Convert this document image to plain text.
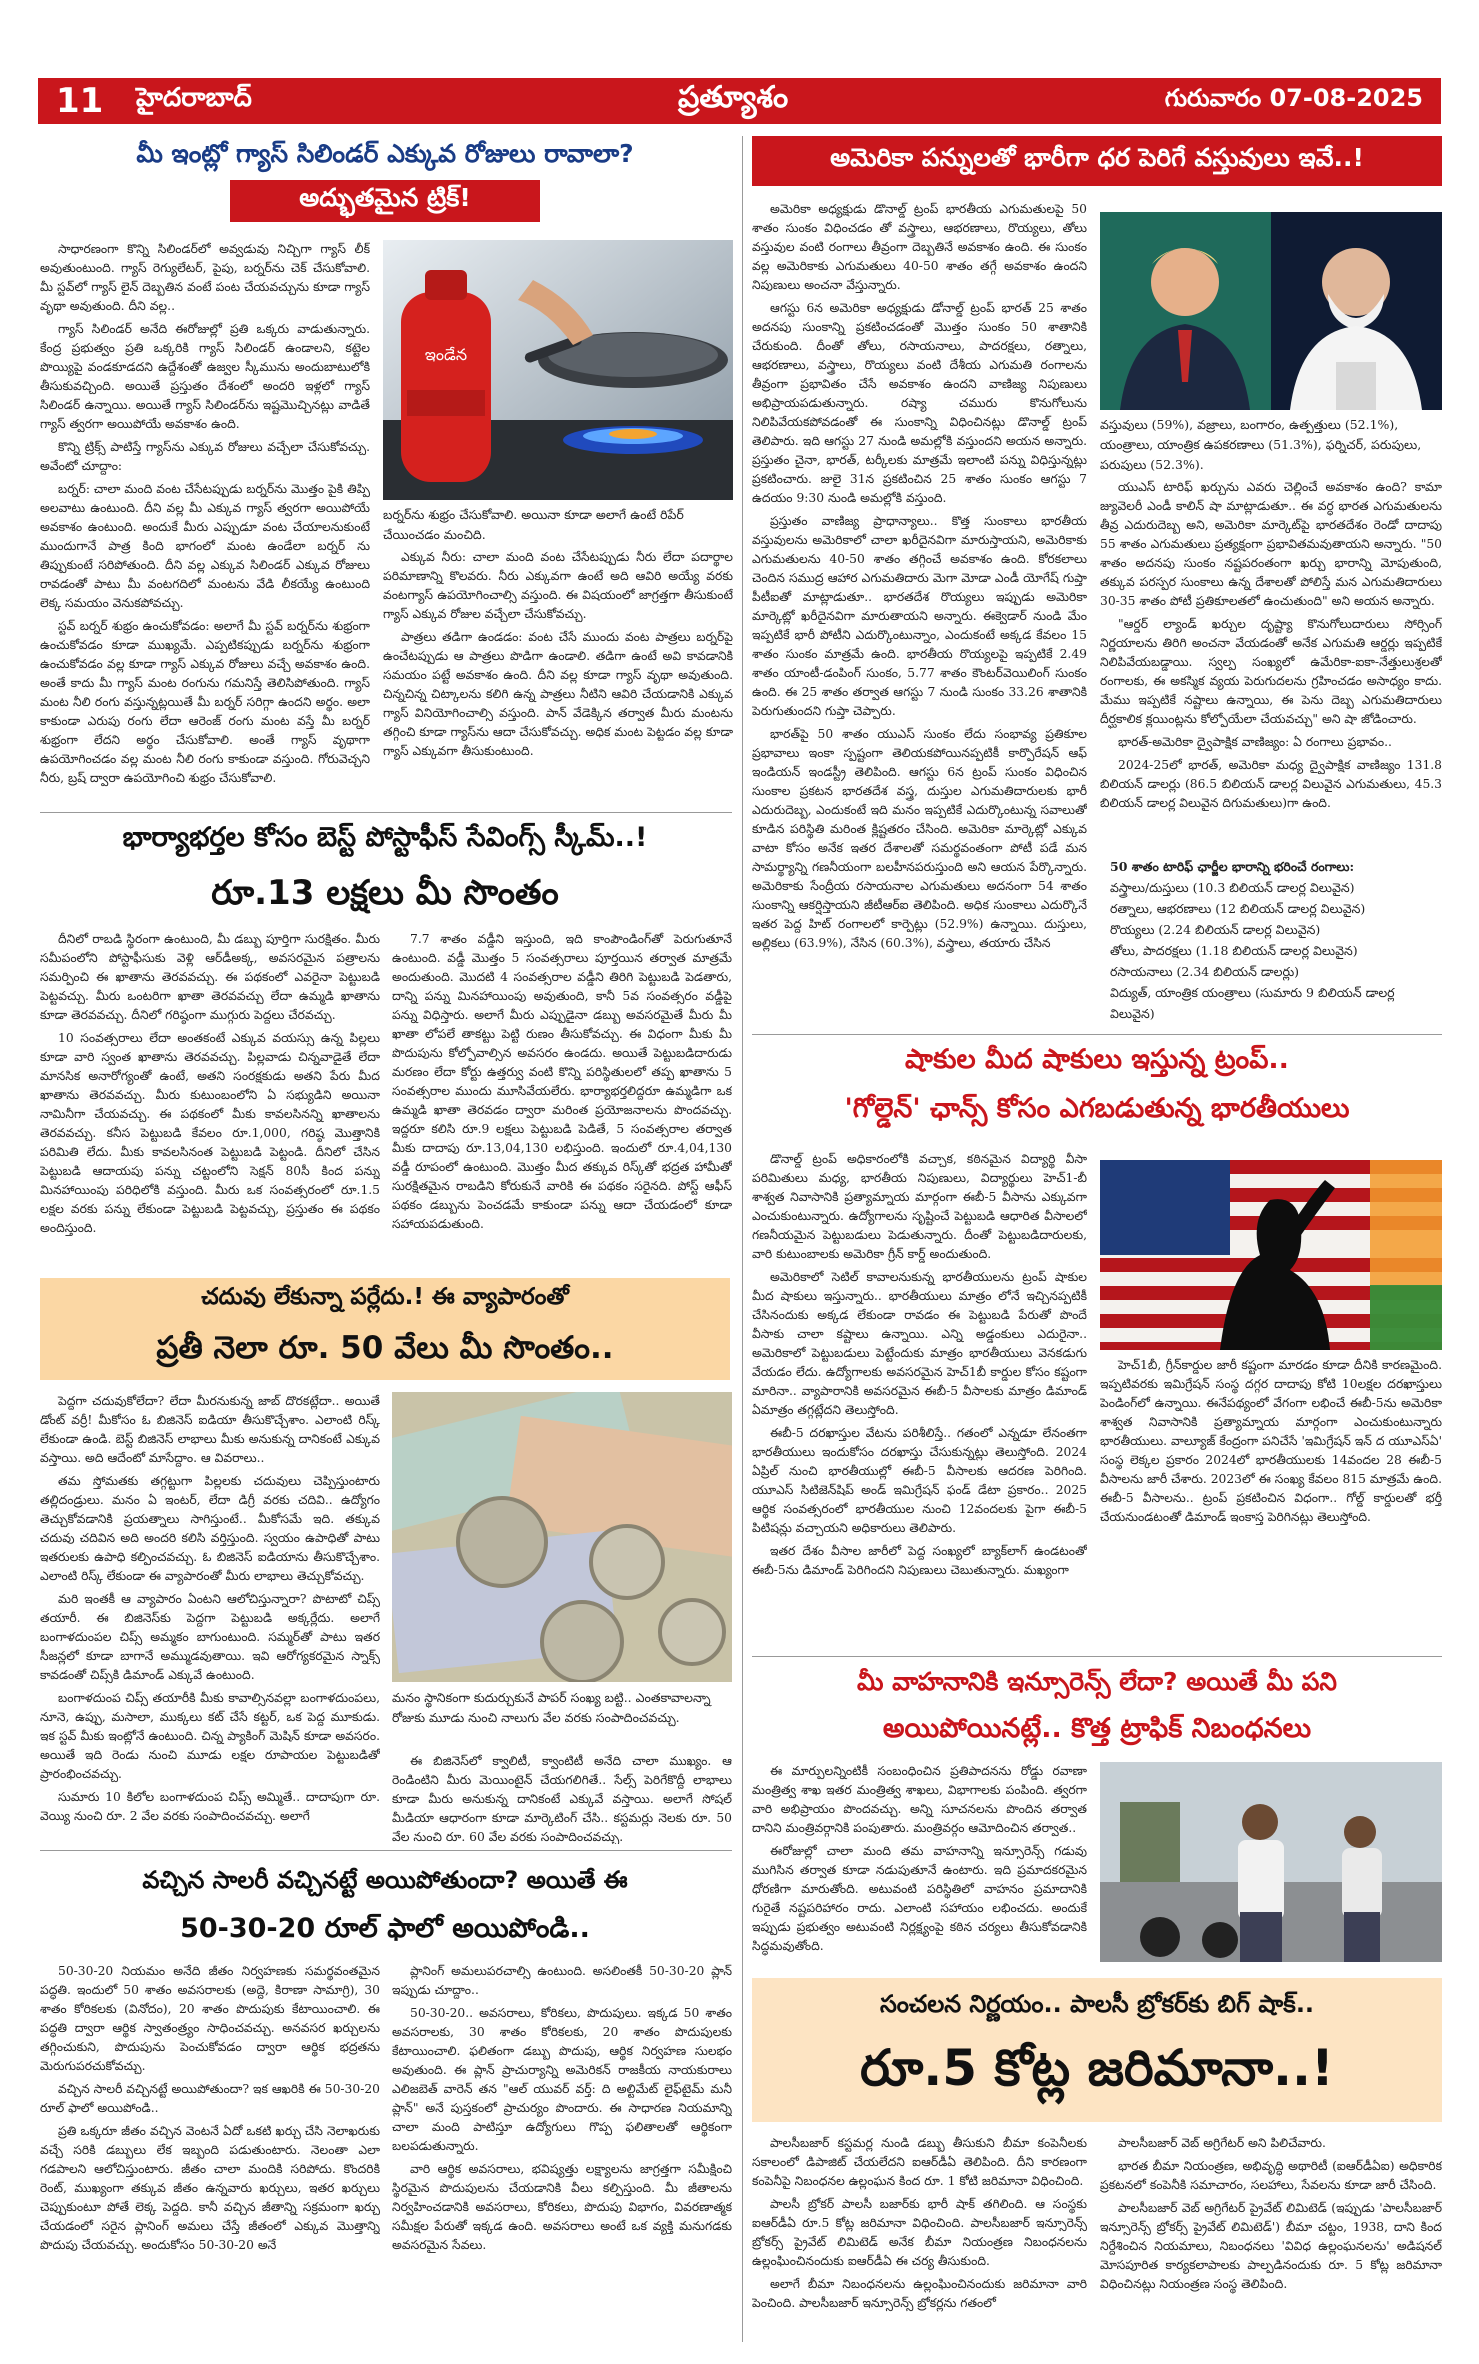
11	హైదరాబాద్	ప్రత్యూశం	గురువారం 07-08-2025
మీ ఇంట్లో గ్యాస్ సిలిండర్ ఎక్కువ రోజులు రావాలా?
అద్భుతమైన ట్రిక్!

సాధారణంగా కొన్ని సిలిండర్‌లో అవ్వడువు నిచ్చిగా గ్యాస్ లీక్ అవుతుంటుంది. గ్యాస్ రెగ్యులేటర్, పైపు, బర్నర్‌ను చెక్ చేసుకోవాలి. మీ స్టవ్‌లో గ్యాస్ లైన్ దెబ్బతిన వంటే పంట చేయవచ్చును కూడా గ్యాస్ వృథా అవుతుంది. దీని వల్ల..

గ్యాస్ సిలిండర్ అనేది ఈరోజుల్లో ప్రతి ఒక్కరు వాడుతున్నారు. కేంద్ర ప్రభుత్వం ప్రతి ఒక్కరికి గ్యాస్ సిలిండర్ ఉండాలని, కట్టెల పొయ్యిపై వండకూడదని ఉద్దేశంతో ఉజ్వల స్కీమును అందుబాటులోకి తీసుకువచ్చింది. అయితే ప్రస్తుతం దేశంలో అందరి ఇళ్లలో గ్యాస్ సిలిండర్ ఉన్నాయి. అయితే గ్యాస్ సిలిండర్‌ను ఇష్టమొచ్చినట్లు వాడితే గ్యాస్ త్వరగా అయిపోయే అవకాశం ఉంది.

కొన్ని ట్రిక్స్ పాటిస్తే గ్యాస్‌ను ఎక్కువ రోజులు వచ్చేలా చేసుకోవచ్చు. అవేంటో చూద్దాం:

బర్నర్: చాలా మంది వంట చేసేటప్పుడు బర్నర్‌ను మొత్తం పైకి తిప్పి అలవాటు ఉంటుంది. దీని వల్ల మీ ఎక్కువ గ్యాస్ త్వరగా అయిపోయే అవకాశం ఉంటుంది. అందుకే మీరు ఎప్పుడూ వంట చేయాలనుకుంటే ముందుగానే పాత్ర కింది భాగంలో మంట ఉండేలా బర్నర్ ను తిప్పుకుంటే సరిపోతుంది. దీని వల్ల ఎక్కువ సిలిండర్ ఎక్కువ రోజులు రావడంతో పాటు మీ వంటగదిలో మంటను వేడి లీకయ్యే ఉంటుంది లెక్క సమయం వెనుకపోవచ్చు.

స్టవ్ బర్నర్ శుభ్రం ఉంచుకోవడం: అలాగే మీ స్టవ్ బర్నర్‌ను శుభ్రంగా ఉంచుకోవడం కూడా ముఖ్యమే. ఎప్పటికప్పుడు బర్నర్‌ను శుభ్రంగా ఉంచుకోవడం వల్ల కూడా గ్యాస్ ఎక్కువ రోజులు వచ్చే అవకాశం ఉంది. అంతే కాదు మీ గ్యాస్ మంట రంగును గమనిస్తే తెలిసిపోతుంది. గ్యాస్ మంట నీలి రంగు వస్తున్నట్లయితే మీ బర్నర్ సరిగ్గా ఉందని అర్థం. అలా కాకుండా ఎరుపు రంగు లేదా ఆరెంజ్ రంగు మంట వస్తే మీ బర్నర్ శుభ్రంగా లేదని అర్థం చేసుకోవాలి. అంతే గ్యాస్ వృథాగా ఉపయోగించడం వల్ల మంట నీలి రంగు కాకుండా వస్తుంది. గోరువెచ్చని నీరు, బ్రష్ ద్వారా ఉపయోగించి శుభ్రం చేసుకోవాలి.

ఇండేన
బర్నర్‌ను శుభ్రం చేసుకోవాలి. అయినా కూడా అలాగే ఉంటే రిపేర్ చేయించడం మంచిది.

ఎక్కువ నీరు: చాలా మంది వంట చేసేటప్పుడు నీరు లేదా పదార్థాల పరిమాణాన్ని కొలవరు. నీరు ఎక్కువగా ఉంటే అది ఆవిరి అయ్యే వరకు వంటగ్యాస్ ఉపయోగించాల్సి వస్తుంది. ఈ విషయంలో జాగ్రత్తగా తీసుకుంటే గ్యాస్ ఎక్కువ రోజుల వచ్చేలా చేసుకోవచ్చు.

పాత్రలు తడిగా ఉండడం: వంట చేసే ముందు వంట పాత్రలు బర్నర్‌పై ఉంచేటప్పుడు ఆ పాత్రలు పొడిగా ఉండాలి. తడిగా ఉంటే అవి కావడానికి సమయం పట్టే అవకాశం ఉంది. దీని వల్ల కూడా గ్యాస్ వృథా అవుతుంది. చిన్నచిన్న చిట్కాలను కలిగి ఉన్న పాత్రలు నీటిని ఆవిరి చేయడానికి ఎక్కువ గ్యాస్ వినియోగించాల్సి వస్తుంది. పాన్ వేడెక్కిన తర్వాత మీరు మంటను తగ్గించి కూడా గ్యాస్‌ను ఆదా చేసుకోవచ్చు. అధిక మంట పెట్టడం వల్ల కూడా గ్యాస్ ఎక్కువగా తీసుకుంటుంది.

అమెరికా పన్నులతో భారీగా ధర పెరిగే వస్తువులు ఇవే..!

అమెరికా అధ్యక్షుడు డొనాల్డ్ ట్రంప్ భారతీయ ఎగుమతులపై 50 శాతం సుంకం విధించడం తో వస్త్రాలు, ఆభరణాలు, రొయ్యలు, తోలు వస్తువుల వంటి రంగాలు తీవ్రంగా దెబ్బతినే అవకాశం ఉంది. ఈ సుంకం వల్ల అమెరికాకు ఎగుమతులు 40-50 శాతం తగ్గే అవకాశం ఉందని నిపుణులు అంచనా వేస్తున్నారు.

ఆగస్టు 6న అమెరికా అధ్యక్షుడు డోనాల్డ్ ట్రంప్ భారత్ 25 శాతం అదనపు సుంకాన్ని ప్రకటించడంతో మొత్తం సుంకం 50 శాతానికి చేరుకుంది. దీంతో తోలు, రసాయనాలు, పాదరక్షలు, రత్నాలు, ఆభరణాలు, వస్త్రాలు, రొయ్యలు వంటి దేశీయ ఎగుమతి రంగాలను తీవ్రంగా ప్రభావితం చేసే అవకాశం ఉందని వాణిజ్య నిపుణులు అభిప్రాయపడుతున్నారు. రష్యా చమురు కొనుగోలును నిలిపివేయకపోవడంతో ఈ సుంకాన్ని విధించినట్లు డొనాల్డ్ ట్రంప్ తెలిపారు. ఇది ఆగస్టు 27 నుండి అమల్లోకి వస్తుందని అయన అన్నారు. ప్రస్తుతం చైనా, భారత్, టర్కీలకు మాత్రమే ఇలాంటి పన్ను విధిస్తున్నట్లు ప్రకటించారు. జులై 31న ప్రకటించిన 25 శాతం సుంకం ఆగస్టు 7 ఉదయం 9:30 నుండి అమల్లోకి వస్తుంది.

ప్రస్తుతం వాణిజ్య ప్రాధాన్యాలు.. కొత్త సుంకాలు భారతీయ వస్తువులను అమెరికాలో చాలా ఖరీదైనవిగా మారుస్తాయని, అమెరికాకు ఎగుమతులను 40-50 శాతం తగ్గించే అవకాశం ఉంది. కోరకలాలు చెందిన సముద్ర ఆహార ఎగుమతిదారు మెగా మోడా ఎండీ యోగేష్ గుప్తా పీటీఐతో మాట్లాడుతూ.. భారతదేశ రొయ్యలు ఇప్పుడు అమెరికా మార్కెట్లో ఖరీదైనవిగా మారుతాయని అన్నారు. ఈక్వెడార్ నుండి మేం ఇప్పటికే భారీ పోటీని ఎదుర్కొంటున్నాం, ఎందుకంటే అక్కడ కేవలం 15 శాతం సుంకం మాత్రమే ఉంది. భారతీయ రొయ్యలపై ఇప్పటికే 2.49 శాతం యాంటీ-డంపింగ్ సుంకం, 5.77 శాతం కౌంటర్‌వెయిలింగ్ సుంకం ఉంది. ఈ 25 శాతం తర్వాత ఆగస్టు 7 నుండి సుంకం 33.26 శాతానికి పెరుగుతుందని గుప్తా చెప్పారు.

భారత్‌పై 50 శాతం యుఎస్ సుంకం లేదు సంభావ్య ప్రతికూల ప్రభావాలు ఇంకా స్పష్టంగా తెలియకపోయినప్పటికీ కార్పొరేషన్ ఆఫ్ ఇండియన్ ఇండస్ట్రీ తెలిపింది. ఆగస్టు 6న ట్రంప్ సుంకం విధించిన సుంకాల ప్రకటన భారతదేశ వస్త్ర, దుస్తుల ఎగుమతిదారులకు భారీ ఎదురుదెబ్బ, ఎందుకంటే ఇది మనం ఇప్పటికే ఎదుర్కొంటున్న సవాలుతో కూడిన పరిస్థితి మరింత క్లిష్టతరం చేసింది. అమెరికా మార్కెట్లో ఎక్కువ వాటా కోసం అనేక ఇతర దేశాలతో సమర్థవంతంగా పోటీ పడే మన సామర్థ్యాన్ని గణనీయంగా బలహీనపరుస్తుంది అని ఆయన పేర్కొన్నారు. అమెరికాకు సేంద్రీయ రసాయనాల ఎగుమతులు అదనంగా 54 శాతం సుంకాన్ని ఆకర్షిస్తాయని జీటీఆర్ఐ తెలిపింది. అధిక సుంకాలు ఎదుర్కొనే ఇతర పెద్ద హిట్ రంగాలలో కార్పెట్లు (52.9%) ఉన్నాయి. దుస్తులు, అల్లికలు (63.9%), నేసిన (60.3%), వస్త్రాలు, తయారు చేసిన

వస్తువులు (59%), వజ్రాలు, బంగారం, ఉత్పత్తులు (52.1%), యంత్రాలు, యాంత్రిక ఉపకరణాలు (51.3%), ఫర్నిచర్, పరుపులు, పరుపులు (52.3%).

యుఎస్ టారిఫ్ ఖర్చును ఎవరు చెల్లించే అవకాశం ఉంది? కామా జ్యువెలరీ ఎండీ కాలిన్ షా మాట్లాడుతూ.. ఈ వర్ధ భారత ఎగుమతులను తీవ్ర ఎదురుదెబ్బ అని, అమెరికా మార్కెట్‌పై భారతదేశం రెండో దాదాపు 55 శాతం ఎగుమతులు ప్రత్యక్షంగా ప్రభావితమవుతాయని అన్నారు. "50 శాతం అదనపు సుంకం నష్టపరంతంగా ఖర్చు భారాన్ని మోపుతుంది, తక్కువ పరస్పర సుంకాలు ఉన్న దేశాలతో పోలిస్తే మన ఎగుమతిదారులు 30-35 శాతం పోటీ ప్రతికూలతలో ఉంచుతుంది" అని అయన అన్నారు.

"ఆర్డర్ ల్యాండ్ ఖర్చుల దృష్ట్యా కొనుగోలుదారులు సోర్సింగ్ నిర్ణయాలను తిరిగి అంచనా వేయడంతో అనేక ఎగుమతి ఆర్డర్లు ఇప్పటికే నిలిపివేయబడ్డాయి. స్వల్ప సంఖ్యలో ఉమేరికా-ఐకా-నేత్తులుశ్రలతో రంగాలకు, ఈ అకస్మిక వ్యయ పెరుగుదలను గ్రహించడం అసాధ్యం కాదు. మేము ఇప్పటికే నష్టాలు ఉన్నాయి, ఈ పెను దెబ్బ ఎగుమతిదారులు దీర్ఘకాలిక క్లయింట్లను కోల్పోయేలా చేయవచ్చు" అని షా జోడించారు.

భారత్-అమెరికా ద్వైపాక్షిక వాణిజ్యం: ఏ రంగాలు ప్రభావం..

2024-25లో భారత్, అమెరికా మధ్య ద్వైపాక్షిక వాణిజ్యం 131.8 బిలియన్ డాలర్లు (86.5 బిలియన్ డాలర్ల విలువైన ఎగుమతులు, 45.3 బిలియన్ డాలర్ల విలువైన దిగుమతులు)గా ఉంది.

50 శాతం టారిఫ్ ఛార్జీల భారాన్ని భరించే రంగాలు:
వస్త్రాలు/దుస్తులు (10.3 బిలియన్ డాలర్ల విలువైన)
రత్నాలు, ఆభరణాలు (12 బిలియన్ డాలర్ల విలువైన)
రొయ్యలు (2.24 బిలియన్ డాలర్ల విలువైన)
తోలు, పాదరక్షలు (1.18 బిలియన్ డాలర్ల విలువైన)
రసాయనాలు (2.34 బిలియన్ డాలర్లు)
విద్యుత్, యాంత్రిక యంత్రాలు (సుమారు 9 బిలియన్ డాలర్ల విలువైన)
భార్యాభర్తల కోసం బెస్ట్ పోస్టాఫీస్ సేవింగ్స్ స్కీమ్..!
రూ.13 లక్షలు మీ సొంతం

దీనిలో రాబడి స్థిరంగా ఉంటుంది, మీ డబ్బు పూర్తిగా సురక్షితం. మీరు సమీపంలోని పోస్టాఫీసుకు వెళ్లి ఆర్‌డీఅక్క, అవసరమైన పత్రాలను సమర్పించి ఈ ఖాతాను తెరవవచ్చు. ఈ పథకంలో ఎవరైనా పెట్టుబడి పెట్టవచ్చు. మీరు ఒంటరిగా ఖాతా తెరవవచ్చు లేదా ఉమ్మడి ఖాతాను కూడా తెరవవచ్చు. దీనిలో గరిష్ఠంగా ముగ్గురు పెద్దలు చేరవచ్చు.

10 సంవత్సరాలు లేదా అంతకంటే ఎక్కువ వయస్సు ఉన్న పిల్లలు కూడా వారి స్వంత ఖాతాను తెరవవచ్చు. పిల్లవాడు చిన్నవాడైతే లేదా మానసిక అనారోగ్యంతో ఉంటే, అతని సంరక్షకుడు అతని పేరు మీద ఖాతాను తెరవవచ్చు. మీరు కుటుంబంలోని ఏ సభ్యుడిని అయినా నామినీగా చేయవచ్చు. ఈ పథకంలో మీకు కావలసినన్ని ఖాతాలను తెరవవచ్చు. కనీస పెట్టుబడి కేవలం రూ.1,000, గరిష్ఠ మొత్తానికి పరిమితి లేదు. మీకు కావలసినంత పెట్టుబడి పెట్టండి. దీనిలో చేసిన పెట్టుబడి ఆదాయపు పన్ను చట్టంలోని సెక్షన్ 80సీ కింద పన్ను మినహాయింపు పరిధిలోకి వస్తుంది. మీరు ఒక సంవత్సరంలో రూ.1.5 లక్షల వరకు పన్ను లేకుండా పెట్టుబడి పెట్టవచ్చు, ప్రస్తుతం ఈ పథకం అందిస్తుంది.

7.7 శాతం వడ్డీని ఇస్తుంది, ఇది కాంపౌండింగ్‌తో పెరుగుతూనే ఉంటుంది. వడ్డీ మొత్తం 5 సంవత్సరాలు పూర్తయిన తర్వాత మాత్రమే అందుతుంది. మొదటి 4 సంవత్సరాల వడ్డీని తిరిగి పెట్టుబడి పెడతారు, దాన్ని పన్ను మినహాయింపు అవుతుంది, కానీ 5వ సంవత్సరం వడ్డీపై పన్ను విధిస్తారు. అలాగే మీరు ఎప్పుడైనా డబ్బు అవసరమైతే మీరు మీ ఖాతా లోపలే తాకట్టు పెట్టి రుణం తీసుకోవచ్చు. ఈ విధంగా మీకు మీ పొదుపును కోల్పోవాల్సిన అవసరం ఉండదు. అయితే పెట్టుబడిదారుడు మరణం లేదా కోర్టు ఉత్తర్వు వంటి కొన్ని పరిస్థితులలో తప్ప ఖాతాను 5 సంవత్సరాల ముందు మూసివేయలేరు. భార్యాభర్తలిద్దరూ ఉమ్మడిగా ఒక ఉమ్మడి ఖాతా తెరవడం ద్వారా మరింత ప్రయోజనాలను పొందవచ్చు. ఇద్దరూ కలిసి రూ.9 లక్షలు పెట్టుబడి పెడితే, 5 సంవత్సరాల తర్వాత మీకు దాదాపు రూ.13,04,130 లభిస్తుంది. ఇందులో రూ.4,04,130 వడ్డీ రూపంలో ఉంటుంది. మొత్తం మీద తక్కువ రిస్క్‌తో భద్రత హామీతో సురక్షితమైన రాబడిని కోరుకునే వారికి ఈ పథకం సరైనది. పోస్ట్ ఆఫీస్ పథకం డబ్బును పెంచడమే కాకుండా పన్ను ఆదా చేయడంలో కూడా సహాయపడుతుంది.

చదువు లేకున్నా పర్లేదు.! ఈ వ్యాపారంతో
ప్రతీ నెలా రూ. 50 వేలు మీ సొంతం..

పెద్దగా చదువుకోలేదా? లేదా మీరనుకున్న జాబ్ దొరకట్లేదా.. అయితే డోంట్ వర్రీ! మీకోసం ఓ బిజినెస్ ఐడియా తీసుకొచ్చేశాం. ఎలాంటి రిస్క్ లేకుండా ఉండి. బెస్ట్ బిజినెస్ లాభాలు మీకు అనుకున్న దానికంటే ఎక్కువ వస్తాయి. అది ఆదేంటో మాసేద్దాం. ఆ వివరాలు..

తమ స్తోమతకు తగ్గట్టుగా పిల్లలకు చదువులు చెప్పిస్తుంటారు తల్లిదండ్రులు. మనం ఏ ఇంటర్, లేదా డిగ్రీ వరకు చదివి.. ఉద్యోగం తెచ్చుకోవడానికి ప్రయత్నాలు సాగిస్తుంటే.. మీకోసమే ఇది. తక్కువ చదువు చదివిన అది అందరి కలిసి వర్తిస్తుంది. స్వయం ఉపాధితో పాటు ఇతరులకు ఉపాధి కల్పించవచ్చు. ఓ బిజినెస్ ఐడియాను తీసుకొచ్చేశాం. ఎలాంటి రిస్క్ లేకుండా ఈ వ్యాపారంతో మీరు లాభాలు తెచ్చుకోవచ్చు.

మరి ఇంతకీ ఆ వ్యాపారం ఏంటని ఆలోచిస్తున్నారా? పొటాటో చిప్స్ తయారీ. ఈ బిజినెస్‌కు పెద్దగా పెట్టుబడి అక్కర్లేదు. అలాగే బంగాళదుంపల చిప్స్ అమ్మకం బాగుంటుంది. సమ్మర్‌తో పాటు ఇతర సీజన్లలో కూడా బాగానే అమ్ముడవుతాయి. ఇవి ఆరోగ్యకరమైన స్నాక్స్ కావడంతో చిప్స్‌కి డిమాండ్ ఎక్కువే ఉంటుంది.

బంగాళదుంప చిప్స్ తయారీకి మీకు కావాల్సినవల్లా బంగాళదుంపలు, నూనె, ఉప్పు, మసాలా, ముక్కలు కట్ చేసే కట్టర్, ఒక పెద్ద మూకుడు. ఇక స్టవ్ మీకు ఇంట్లోనే ఉంటుంది. చిన్న ప్యాకింగ్ మెషిన్ కూడా అవసరం. అయితే ఇది రెండు నుంచి మూడు లక్షల రూపాయల పెట్టుబడితో ప్రారంభించవచ్చు.

సుమారు 10 కిలోల బంగాళదుంప చిప్స్ అమ్మితే.. దాదాపుగా రూ. వెయ్యి నుంచి రూ. 2 వేల వరకు సంపాదించవచ్చు. అలాగే

మనం స్థానికంగా కుదుర్చుకునే పాపర్ సంఖ్య బట్టి.. ఎంతకావాలన్నా రోజుకు మూడు నుంచి నాలుగు వేల వరకు సంపాదించవచ్చు.

ఈ బిజినెస్‌లో క్వాలిటీ, క్వాంటిటీ అనేది చాలా ముఖ్యం. ఆ రెండింటిని మీరు మెయింటైన్ చేయగలిగితే.. సేల్స్ పెరిగేకొద్దీ లాభాలు కూడా మీరు అనుకున్న దానికంటే ఎక్కువే వస్తాయి. అలాగే సోషల్ మీడియా ఆధారంగా కూడా మార్కెటింగ్ చేసి.. కస్టమర్లు నెలకు రూ. 50 వేల నుంచి రూ. 60 వేల వరకు సంపాదించవచ్చు.

వచ్చిన సాలరీ వచ్చినట్టే అయిపోతుందా? అయితే ఈ
50-30-20 రూల్ ఫాలో అయిపోండి..

50-30-20 నియమం అనేది జీతం నిర్వహణకు సమర్థవంతమైన పద్ధతి. ఇందులో 50 శాతం అవసరాలకు (అద్దె, కిరాణా సామాగ్రి), 30 శాతం కోరికలకు (వినోదం), 20 శాతం పొదుపుకు కేటాయించాలి. ఈ పద్ధతి ద్వారా ఆర్థిక స్వాతంత్ర్యం సాధించవచ్చు. అనవసర ఖర్చులను తగ్గించుకుని, పొదుపును పెంచుకోవడం ద్వారా ఆర్థిక భద్రతను మెరుగుపరచుకోవచ్చు.

వచ్చిన సాలరీ వచ్చినట్టే అయిపోతుందా? ఇక ఆఖరికి ఈ 50-30-20 రూల్ ఫాలో అయిపోండి..

ప్రతి ఒక్కరూ జీతం వచ్చిన వెంటనే ఏదో ఒకటి ఖర్చు చేసి నెలాఖరుకు వచ్చే సరికి డబ్బులు లేక ఇబ్బంది పడుతుంటారు. నెలంతా ఎలా గడపాలని ఆలోచిస్తుంటారు. జీతం చాలా మందికి సరిపోదు. కొందరికి రెంట్, ముఖ్యంగా తక్కువ జీతం ఉన్నవారు ఖర్చులు, ఇతర ఖర్చులు చెప్పుకుంటూ పోతే లెక్క పెద్దది. కానీ వచ్చిన జీతాన్ని సక్రమంగా ఖర్చు చేయడంలో సరైన ప్లానింగ్ అమలు చేస్తే జీతంలో ఎక్కువ మొత్తాన్ని పొదుపు చేయవచ్చు. అందుకోసం 50-30-20 అనే

ప్లానింగ్ అమలుపరచాల్సి ఉంటుంది. అసలింతకీ 50-30-20 ప్లాన్ ఇప్పుడు చూద్దాం..

50-30-20.. అవసరాలు, కోరికలు, పొదుపులు. ఇక్కడ 50 శాతం అవసరాలకు, 30 శాతం కోరికలకు, 20 శాతం పొదుపులకు కేటాయించాలి. ఫలితంగా డబ్బు పొదుపు, ఆర్థిక నిర్వహణ సులభం అవుతుంది. ఈ ప్లాన్ ప్రాచుర్యాన్ని అమెరికన్ రాజకీయ నాయకురాలు ఎలిజబెత్ వారెన్ తన "ఆల్ యువర్ వర్త్: ది అల్టిమేట్ లైఫ్‌టైమ్ మనీ ప్లాన్" అనే పుస్తకంలో ప్రాచుర్యం పొందారు. ఈ సాధారణ నియమాన్ని చాలా మంది పాటిస్తూ ఉద్యోగులు గొప్ప ఫలితాలతో ఆర్థికంగా బలపడుతున్నారు.

వారి ఆర్థిక అవసరాలు, భవిష్యత్తు లక్ష్యాలను జాగ్రత్తగా సమీక్షించి స్థిరమైన పొదుపులను చేయడానికి వీలు కల్పిస్తుంది. మీ జీతాలను నిర్వహించడానికి అవసరాలు, కోరికలు, పొదుపు విభాగం, వివరణాత్మక సమీక్షల పేరుతో ఇక్కడ ఉంది. అవసరాలు అంటే ఒక వ్యక్తి మనుగడకు అవసరమైన సేవలు.

షాకుల మీద షాకులు ఇస్తున్న ట్రంప్..
'గోల్డెన్' ఛాన్స్ కోసం ఎగబడుతున్న భారతీయులు

డొనాల్డ్ ట్రంప్ అధికారంలోకి వచ్చాక, కఠినమైన విద్యార్థి వీసా పరిమితులు మధ్య, భారతీయ నిపుణులు, విద్యార్థులు హెచ్1-బీ శాశ్వత నివాసానికి ప్రత్యామ్నాయ మార్గంగా ఈబీ-5 వీసాను ఎక్కువగా ఎంచుకుంటున్నారు. ఉద్యోగాలను సృష్టించే పెట్టుబడి ఆధారిత వీసాలలో గణనీయమైన పెట్టుబడులు పెడుతున్నారు. దీంతో పెట్టుబడిదారులకు, వారి కుటుంబాలకు అమెరికా గ్రీన్ కార్డ్ అందుతుంది.

అమెరికాలో సెటిల్ కావాలనుకున్న భారతీయులను ట్రంప్ షాకుల మీద షాకులు ఇస్తున్నారు.. భారతీయులు మాత్రం లోనే ఇచ్చినప్పటికీ చేసినందుకు అక్కడ లేకుండా రావడం ఈ పెట్టుబడి పేరుతో పొందే వీసాకు చాలా కష్టాలు ఉన్నాయి. ఎన్ని అడ్డంకులు ఎదురైనా.. అమెరికాలో పెట్టుబడులు పెట్టేందుకు మాత్రం భారతీయులు వెనకడుగు వేయడం లేదు. ఉద్యోగాలకు అవసరమైన హెచ్1బీ కార్డుల కోసం కష్టంగా మారినా.. వ్యాపారానికి అవసరమైన ఈబీ-5 వీసాలకు మాత్రం డిమాండ్ ఏమాత్రం తగ్గట్లేదని తెలుస్తోంది.

ఈబీ-5 దరఖాస్తుల వేటను పరిశీలిస్తే.. గతంలో ఎన్నడూ లేనంతగా భారతీయులు ఇందుకోసం దరఖాస్తు చేసుకున్నట్లు తెలుస్తోంది. 2024 ఏప్రిల్ నుంచి భారతీయుల్లో ఈబీ-5 వీసాలకు ఆదరణ పెరిగింది. యూఎస్ సిటిజెన్‌షిప్ అండ్ ఇమిగ్రేషన్ ఫండ్ డేటా ప్రకారం.. 2025 ఆర్థిక సంవత్సరంలో భారతీయుల నుంచి 12వందలకు పైగా ఈబీ-5 పిటిషన్లు వచ్చాయని అధికారులు తెలిపారు.

ఇతర దేశం వీసాల జారీలో పెద్ద సంఖ్యలో బ్యాక్‌లాగ్ ఉండటంతో ఈబీ-5ను డిమాండ్ పెరిగిందని నిపుణులు చెబుతున్నారు. మఖ్యంగా

హెచ్1బీ, గ్రీన్‌కార్డుల జారీ కష్టంగా మారడం కూడా దీనికి కారణమైంది. ఇప్పటివరకు ఇమిగ్రేషన్ సంస్థ దగ్గర దాదాపు కోటి 10లక్షల దరఖాస్తులు పెండింగ్‌లో ఉన్నాయి. ఈనేపథ్యంలో వేగంగా లభించే ఈబీ-5ను అమెరికా శాశ్వత నివాసానికి ప్రత్యామ్నాయ మార్గంగా ఎంచుకుంటున్నారు భారతీయులు. వాల్యూజ్ కేంద్రంగా పనిచేసే 'ఇమిగ్రేషన్ ఇన్ ద యూఎస్ఏ' సంస్థ లెక్కల ప్రకారం 2024లో భారతీయులకు 14వందల 28 ఈబీ-5 వీసాలను జారీ చేశారు. 2023లో ఈ సంఖ్య కేవలం 815 మాత్రమే ఉంది. ఈబీ-5 వీసాలను.. ట్రంప్ ప్రకటించిన విధంగా.. గోల్డ్ కార్డులతో భర్తీ చేయనుండటంతో డిమాండ్ ఇంకాస్త పెరిగినట్లు తెలుస్తోంది.

మీ వాహనానికి ఇన్సూరెన్స్ లేదా? అయితే మీ పని
అయిపోయినట్లే.. కొత్త ట్రాఫిక్ నిబంధనలు

ఈ మార్పులన్నింటికీ సంబంధించిన ప్రతిపాదనను రోడ్డు రవాణా మంత్రిత్వ శాఖ ఇతర మంత్రిత్వ శాఖలు, విభాగాలకు పంపింది. త్వరగా వారి అభిప్రాయం పొందవచ్చు. అన్ని సూచనలను పొందిన తర్వాత దానిని మంత్రివర్గానికి పంపుతారు. మంత్రివర్గం ఆమోదించిన తర్వాత..

ఈరోజుల్లో చాలా మంది తమ వాహనాన్ని ఇన్సూరెన్స్ గడువు ముగిసిన తర్వాత కూడా నడుపుతూనే ఉంటారు. ఇది ప్రమాదకరమైన ధోరణిగా మారుతోంది. అటువంటి పరిస్థితిలో వాహనం ప్రమాదానికి గురైతే నష్టపరిహారం రాదు. ఎలాంటి సహాయం లభించదు. అందుకే ఇప్పుడు ప్రభుత్వం అటువంటి నిర్లక్ష్యంపై కఠిన చర్యలు తీసుకోవడానికి సిద్ధమవుతోంది.

సంచలన నిర్ణయం.. పాలసీ బ్రోకర్‌కు బిగ్ షాక్..
రూ.5 కోట్ల జరిమానా..!

పాలసీబజార్ కస్టమర్ల నుండి డబ్బు తీసుకుని బీమా కంపెనీలకు సకాలంలో డిపాజిట్ చేయలేదని ఐఆర్‌డీఏ తెలిపింది. దీని కారణంగా కంపెనీపై నిబంధనల ఉల్లంఘన కింద రూ. 1 కోటి జరిమానా విధించింది.

పాలసీ బ్రోకర్ పాలసీ బజార్‌కు భారీ షాక్ తగిలింది. ఆ సంస్థకు ఐఆర్‌డీఏ రూ.5 కోట్ల జరిమానా విధించింది. పాలసీబజార్ ఇన్సూరెన్స్ బ్రోకర్స్ ప్రైవేట్ లిమిటెడ్ అనేక బీమా నియంత్రణ నిబంధనలను ఉల్లంఘించినందుకు ఐఆర్‌డీఏ ఈ చర్య తీసుకుంది.

అలాగే బీమా నిబంధనలను ఉల్లంఘించినందుకు జరిమానా వారి పెంచింది. పాలసీబజార్ ఇన్సూరెన్స్ బ్రోకర్లను గతంలో

పాలసీబజార్ వెబ్ అగ్రిగేటర్ అని పిలిచేవారు.

భారత బీమా నియంత్రణ, అభివృద్ధి అథారిటీ (ఐఆర్‌డీఏఐ) అధికారిక ప్రకటనలో కంపెనీకి సమాచారం, సలహాలు, సేవలను కూడా జారీ చేసింది.

పాలసీబజార్ వెబ్ అగ్రిగేటర్ ప్రైవేట్ లిమిటెడ్ (ఇప్పుడు 'పాలసీబజార్ ఇన్సూరెన్స్ బ్రోకర్స్ ప్రైవేట్ లిమిటెడ్') బీమా చట్టం, 1938, దాని కింద నిర్దేశించిన నియమాలు, నిబంధనలు 'వివిధ ఉల్లంఘనలను' అడిషనల్ మోసపూరిత కార్యకలాపాలకు పాల్పడినందుకు రూ. 5 కోట్ల జరిమానా విధించినట్లు నియంత్రణ సంస్థ తెలిపింది.
